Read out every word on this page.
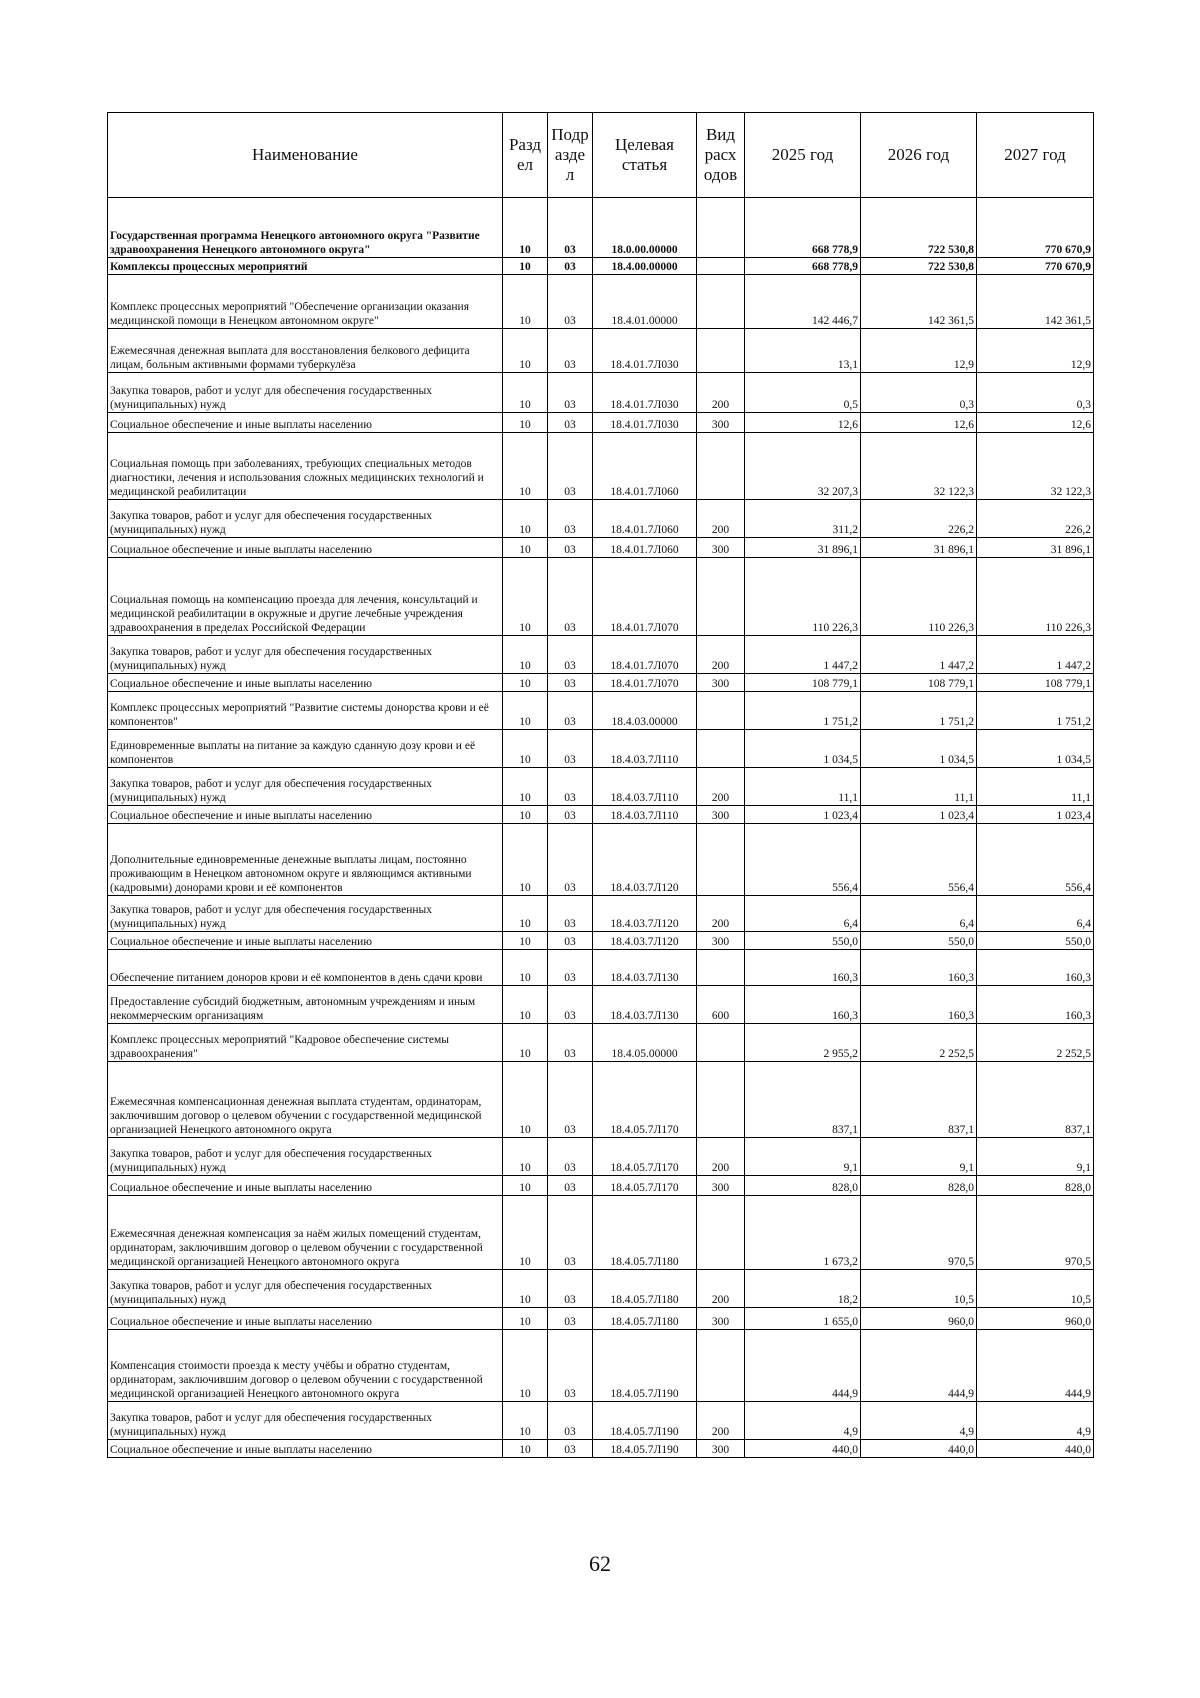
Наименование	Разд ел	Подр азде л	Целевая статья	Вид расх одов	2025 год	2026 год	2027 год
Государственная программа Ненецкого автономного округа "Развитие здравоохранения Ненецкого автономного округа"	10	03	18.0.00.00000		668 778,9	722 530,8	770 670,9
Комплексы процессных мероприятий	10	03	18.4.00.00000		668 778,9	722 530,8	770 670,9
Комплекс процессных мероприятий "Обеспечение организации оказания медицинской помощи в Ненецком автономном округе"	10	03	18.4.01.00000		142 446,7	142 361,5	142 361,5
Ежемесячная денежная выплата для восстановления белкового дефицита лицам, больным активными формами туберкулёза	10	03	18.4.01.7Л030		13,1	12,9	12,9
Закупка товаров, работ и услуг для обеспечения государственных (муниципальных) нужд	10	03	18.4.01.7Л030	200	0,5	0,3	0,3
Социальное обеспечение и иные выплаты населению	10	03	18.4.01.7Л030	300	12,6	12,6	12,6
Социальная помощь при заболеваниях, требующих специальных методов диагностики, лечения и использования сложных медицинских технологий и медицинской реабилитации	10	03	18.4.01.7Л060		32 207,3	32 122,3	32 122,3
Закупка товаров, работ и услуг для обеспечения государственных (муниципальных) нужд	10	03	18.4.01.7Л060	200	311,2	226,2	226,2
Социальное обеспечение и иные выплаты населению	10	03	18.4.01.7Л060	300	31 896,1	31 896,1	31 896,1
Социальная помощь на компенсацию проезда для лечения, консультаций и медицинской реабилитации в окружные и другие лечебные учреждения здравоохранения в пределах Российской Федерации	10	03	18.4.01.7Л070		110 226,3	110 226,3	110 226,3
Закупка товаров, работ и услуг для обеспечения государственных (муниципальных) нужд	10	03	18.4.01.7Л070	200	1 447,2	1 447,2	1 447,2
Социальное обеспечение и иные выплаты населению	10	03	18.4.01.7Л070	300	108 779,1	108 779,1	108 779,1
Комплекс процессных мероприятий "Развитие системы донорства крови и её компонентов"	10	03	18.4.03.00000		1 751,2	1 751,2	1 751,2
Единовременные выплаты на питание за каждую сданную дозу крови и её компонентов	10	03	18.4.03.7Л110		1 034,5	1 034,5	1 034,5
Закупка товаров, работ и услуг для обеспечения государственных (муниципальных) нужд	10	03	18.4.03.7Л110	200	11,1	11,1	11,1
Социальное обеспечение и иные выплаты населению	10	03	18.4.03.7Л110	300	1 023,4	1 023,4	1 023,4
Дополнительные единовременные денежные выплаты лицам, постоянно проживающим в Ненецком автономном округе и являющимся активными (кадровыми) донорами крови и её компонентов	10	03	18.4.03.7Л120		556,4	556,4	556,4
Закупка товаров, работ и услуг для обеспечения государственных (муниципальных) нужд	10	03	18.4.03.7Л120	200	6,4	6,4	6,4
Социальное обеспечение и иные выплаты населению	10	03	18.4.03.7Л120	300	550,0	550,0	550,0
Обеспечение питанием доноров крови и её компонентов в день сдачи крови	10	03	18.4.03.7Л130		160,3	160,3	160,3
Предоставление субсидий бюджетным, автономным учреждениям и иным некоммерческим организациям	10	03	18.4.03.7Л130	600	160,3	160,3	160,3
Комплекс процессных мероприятий "Кадровое обеспечение системы здравоохранения"	10	03	18.4.05.00000		2 955,2	2 252,5	2 252,5
Ежемесячная компенсационная денежная выплата студентам, ординаторам, заключившим договор о целевом обучении с государственной медицинской организацией Ненецкого автономного округа	10	03	18.4.05.7Л170		837,1	837,1	837,1
Закупка товаров, работ и услуг для обеспечения государственных (муниципальных) нужд	10	03	18.4.05.7Л170	200	9,1	9,1	9,1
Социальное обеспечение и иные выплаты населению	10	03	18.4.05.7Л170	300	828,0	828,0	828,0
Ежемесячная денежная компенсация за наём жилых помещений студентам, ординаторам, заключившим договор о целевом обучении с государственной медицинской организацией Ненецкого автономного округа	10	03	18.4.05.7Л180		1 673,2	970,5	970,5
Закупка товаров, работ и услуг для обеспечения государственных (муниципальных) нужд	10	03	18.4.05.7Л180	200	18,2	10,5	10,5
Социальное обеспечение и иные выплаты населению	10	03	18.4.05.7Л180	300	1 655,0	960,0	960,0
Компенсация стоимости проезда к месту учёбы и обратно студентам, ординаторам, заключившим договор о целевом обучении с государственной медицинской организацией Ненецкого автономного округа	10	03	18.4.05.7Л190		444,9	444,9	444,9
Закупка товаров, работ и услуг для обеспечения государственных (муниципальных) нужд	10	03	18.4.05.7Л190	200	4,9	4,9	4,9
Социальное обеспечение и иные выплаты населению	10	03	18.4.05.7Л190	300	440,0	440,0	440,0
62
